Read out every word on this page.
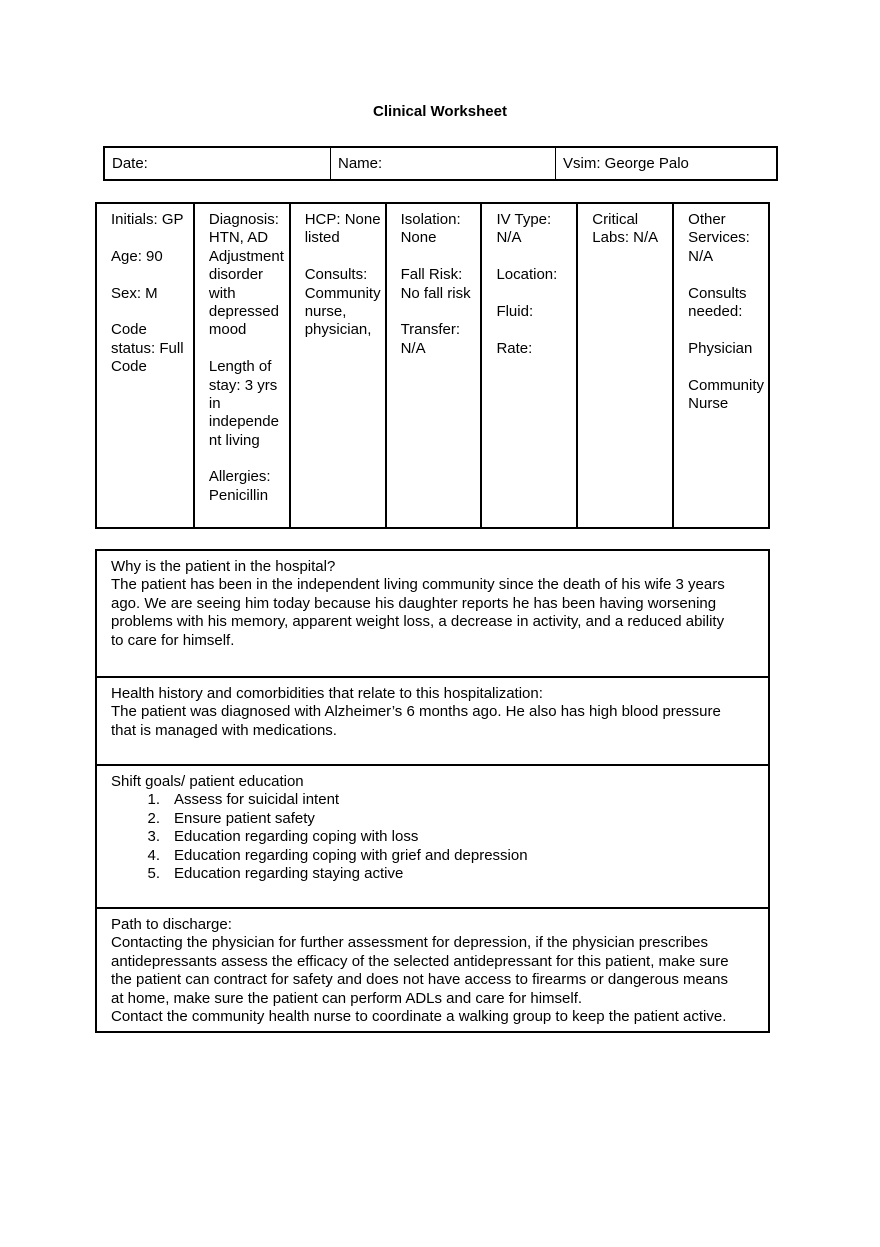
Clinical Worksheet
Date:	Name:	Vsim: George Palo
Initials: GP
Age: 90
Sex: M
Code
status: Full
Code
Diagnosis:
HTN, AD
Adjustment
disorder
with
depressed
mood
Length of
stay: 3 yrs
in
independe
nt living
Allergies:
Penicillin
HCP: None
listed
Consults:
Community
nurse,
physician,
Isolation:
None
Fall Risk:
No fall risk
Transfer:
N/A
IV Type:
N/A
Location:
Fluid:
Rate:
Critical
Labs: N/A
Other
Services:
N/A
Consults
needed:
Physician
Community
Nurse
Why is the patient in the hospital?
The patient has been in the independent living community since the death of his wife 3 years
ago. We are seeing him today because his daughter reports he has been having worsening
problems with his memory, apparent weight loss, a decrease in activity, and a reduced ability
to care for himself.
Health history and comorbidities that relate to this hospitalization:
The patient was diagnosed with Alzheimer’s 6 months ago. He also has high blood pressure
that is managed with medications.
Shift goals/ patient education
1. Assess for suicidal intent
2. Ensure patient safety
3. Education regarding coping with loss
4. Education regarding coping with grief and depression
5. Education regarding staying active
Path to discharge:
Contacting the physician for further assessment for depression, if the physician prescribes
antidepressants assess the efficacy of the selected antidepressant for this patient, make sure
the patient can contract for safety and does not have access to firearms or dangerous means
at home, make sure the patient can perform ADLs and care for himself.
Contact the community health nurse to coordinate a walking group to keep the patient active.
